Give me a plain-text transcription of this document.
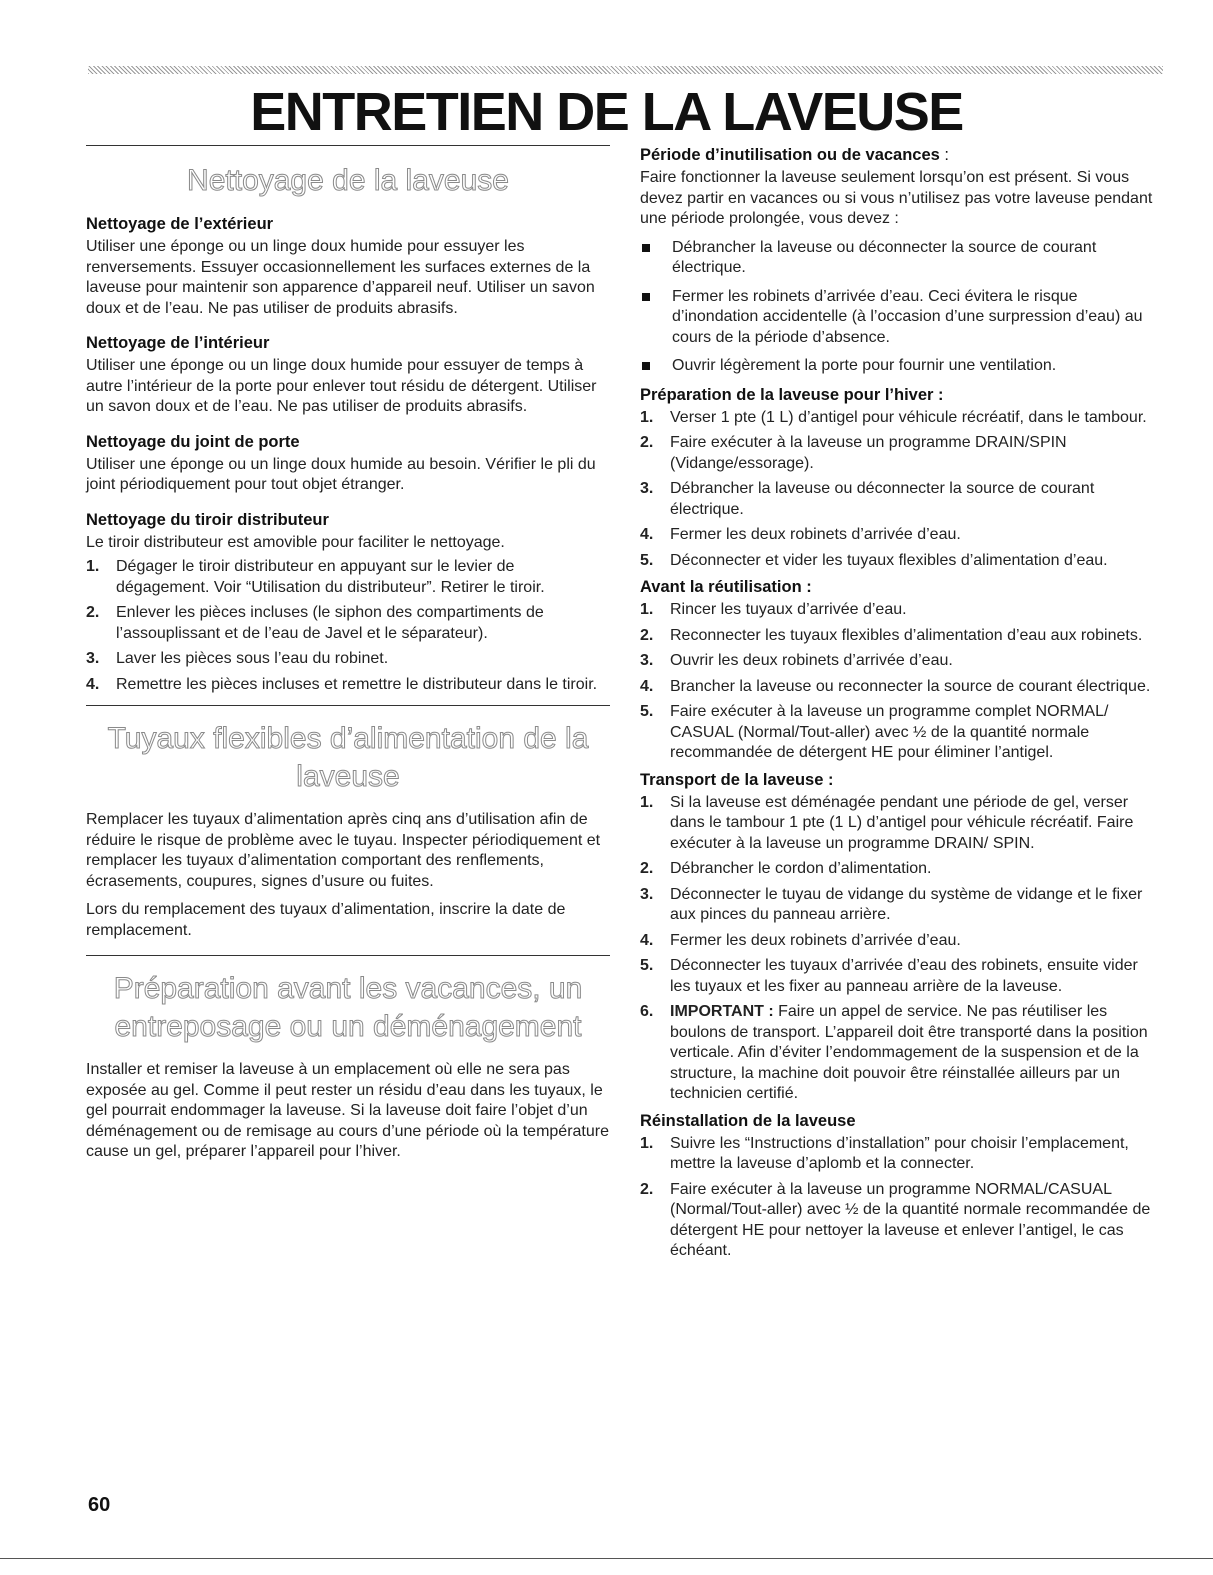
ENTRETIEN DE LA LAVEUSE
Nettoyage de la laveuse
Nettoyage de l’extérieur

Utiliser une éponge ou un linge doux humide pour essuyer les renversements. Essuyer occasionnellement les surfaces externes de la laveuse pour maintenir son apparence d’appareil neuf. Utiliser un savon doux et de l’eau. Ne pas utiliser de produits abrasifs.

Nettoyage de l’intérieur

Utiliser une éponge ou un linge doux humide pour essuyer de temps à autre l’intérieur de la porte pour enlever tout résidu de détergent. Utiliser un savon doux et de l’eau. Ne pas utiliser de produits abrasifs.

Nettoyage du joint de porte

Utiliser une éponge ou un linge doux humide au besoin. Vérifier le pli du joint périodiquement pour tout objet étranger.

Nettoyage du tiroir distributeur

Le tiroir distributeur est amovible pour faciliter le nettoyage.

1.	Dégager le tiroir distributeur en appuyant sur le levier de dégagement. Voir “Utilisation du distributeur”. Retirer le tiroir.
2.	Enlever les pièces incluses (le siphon des compartiments de l’assouplissant et de l’eau de Javel et le séparateur).
3.	Laver les pièces sous l’eau du robinet.
4.	Remettre les pièces incluses et remettre le distributeur dans le tiroir.
Tuyaux flexibles d’alimentation de la laveuse

Remplacer les tuyaux d’alimentation après cinq ans d’utilisation afin de réduire le risque de problème avec le tuyau. Inspecter périodiquement et remplacer les tuyaux d’alimentation comportant des renflements, écrasements, coupures, signes d’usure ou fuites.

Lors du remplacement des tuyaux d’alimentation, inscrire la date de remplacement.

Préparation avant les vacances, un entreposage ou un déménagement

Installer et remiser la laveuse à un emplacement où elle ne sera pas exposée au gel. Comme il peut rester un résidu d’eau dans les tuyaux, le gel pourrait endommager la laveuse. Si la laveuse doit faire l’objet d’un déménagement ou de remisage au cours d’une période où la température cause un gel, préparer l’appareil pour l’hiver.

Période d’inutilisation ou de vacances :

Faire fonctionner la laveuse seulement lorsqu’on est présent. Si vous devez partir en vacances ou si vous n’utilisez pas votre laveuse pendant une période prolongée, vous devez :

Débrancher la laveuse ou déconnecter la source de courant électrique.
Fermer les robinets d’arrivée d’eau. Ceci évitera le risque d’inondation accidentelle (à l’occasion d’une surpression d’eau) au cours de la période d’absence.
Ouvrir légèrement la porte pour fournir une ventilation.
Préparation de la laveuse pour l’hiver :
1.	Verser 1 pte (1 L) d’antigel pour véhicule récréatif, dans le tambour.
2.	Faire exécuter à la laveuse un programme DRAIN/SPIN (Vidange/essorage).
3.	Débrancher la laveuse ou déconnecter la source de courant électrique.
4.	Fermer les deux robinets d’arrivée d’eau.
5.	Déconnecter et vider les tuyaux flexibles d’alimentation d’eau.
Avant la réutilisation :
1.	Rincer les tuyaux d’arrivée d’eau.
2.	Reconnecter les tuyaux flexibles d’alimentation d’eau aux robinets.
3.	Ouvrir les deux robinets d’arrivée d’eau.
4.	Brancher la laveuse ou reconnecter la source de courant électrique.
5.	Faire exécuter à la laveuse un programme complet NORMAL/ CASUAL (Normal/Tout-aller) avec ½ de la quantité normale recommandée de détergent HE pour éliminer l’antigel.
Transport de la laveuse :
1.	Si la laveuse est déménagée pendant une période de gel, verser dans le tambour 1 pte (1 L) d’antigel pour véhicule récréatif. Faire exécuter à la laveuse un programme DRAIN/ SPIN.
2.	Débrancher le cordon d’alimentation.
3.	Déconnecter le tuyau de vidange du système de vidange et le fixer aux pinces du panneau arrière.
4.	Fermer les deux robinets d’arrivée d’eau.
5.	Déconnecter les tuyaux d’arrivée d’eau des robinets, ensuite vider les tuyaux et les fixer au panneau arrière de la laveuse.
6.	IMPORTANT : Faire un appel de service. Ne pas réutiliser les boulons de transport. L’appareil doit être transporté dans la position verticale. Afin d’éviter l’endommagement de la suspension et de la structure, la machine doit pouvoir être réinstallée ailleurs par un technicien certifié.
Réinstallation de la laveuse
1.	Suivre les “Instructions d’installation” pour choisir l’emplacement, mettre la laveuse d’aplomb et la connecter.
2.	Faire exécuter à la laveuse un programme NORMAL/CASUAL (Normal/Tout-aller) avec ½ de la quantité normale recommandée de détergent HE pour nettoyer la laveuse et enlever l’antigel, le cas échéant.
60
